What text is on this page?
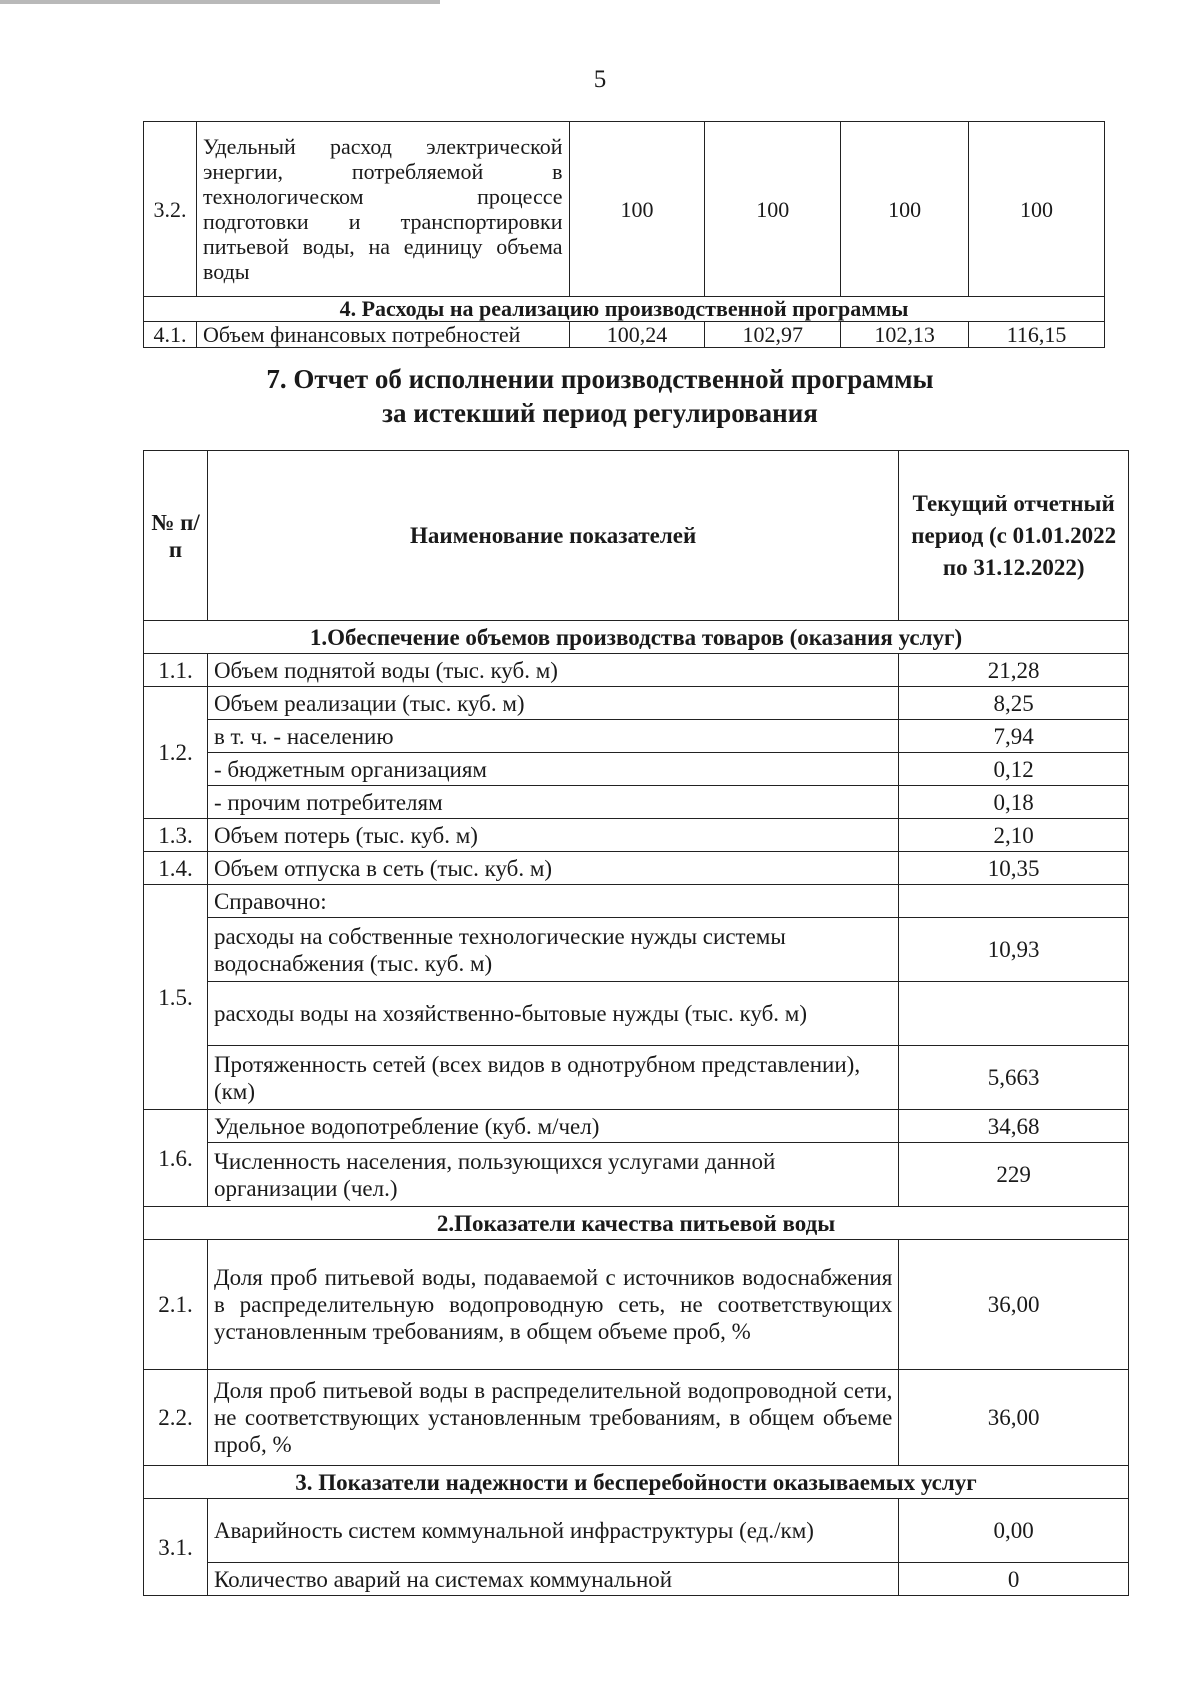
5
3.2.	Удельный расход электрической энергии, потребляемой в технологическом процессе подготовки и транспортировки питьевой воды, на единицу объема воды	100	100	100	100
4. Расходы на реализацию производственной программы					
4.1.	Объем финансовых потребностей	100,24	102,97	102,13	116,15
7. Отчет об исполнении производственной программы
за истекший период регулирования
№ п/п	Наименование показателей	Текущий отчетный период (с 01.01.2022 по 31.12.2022)
1.Обеспечение объемов производства товаров (оказания услуг)		
1.1.	Объем поднятой воды (тыс. куб. м)	21,28
1.2.	Объем реализации (тыс. куб. м)	8,25
	в т. ч. - населению	7,94
	- бюджетным организациям	0,12
	- прочим потребителям	0,18
1.3.	Объем потерь (тыс. куб. м)	2,10
1.4.	Объем отпуска в сеть (тыс. куб. м)	10,35
1.5.	Справочно:	
	расходы на собственные технологические нужды системы водоснабжения (тыс. куб. м)	10,93
	расходы воды на хозяйственно-бытовые нужды (тыс. куб. м)	
	Протяженность сетей (всех видов в однотрубном представлении), (км)	5,663
1.6.	Удельное водопотребление (куб. м/чел)	34,68
	Численность населения, пользующихся услугами данной организации (чел.)	229
2.Показатели качества питьевой воды		
2.1.	Доля проб питьевой воды, подаваемой с источников водоснабжения в распределительную водопроводную сеть, не соответствующих установленным требованиям, в общем объеме проб, %	36,00
2.2.	Доля проб питьевой воды в распределительной водопроводной сети, не соответствующих установленным требованиям, в общем объеме проб, %	36,00
3. Показатели надежности и бесперебойности оказываемых услуг		
3.1.	Аварийность систем коммунальной инфраструктуры (ед./км)	0,00
	Количество аварий на системах коммунальной	0
